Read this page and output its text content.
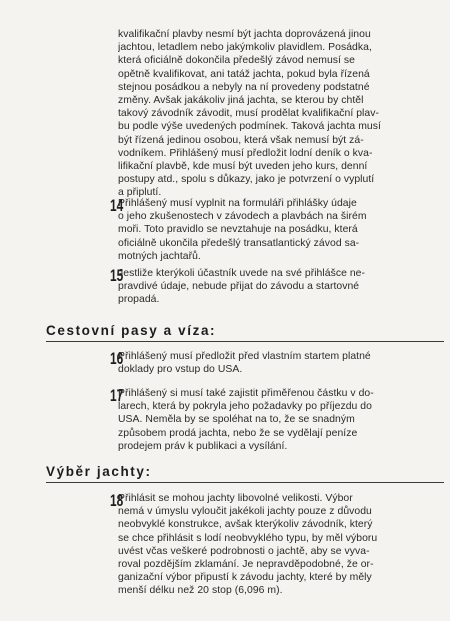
kvalifikační plavby nesmí být jachta doprovázená jinou
jachtou, letadlem nebo jakýmkoliv plavidlem. Posádka,
která oficiálně dokončila předešlý závod nemusí se
opětně kvalifikovat, ani tatáž jachta, pokud byla řízená
stejnou posádkou a nebyly na ní provedeny podstatné
změny. Avšak jakákoliv jiná jachta, se kterou by chtěl
takový závodník závodit, musí prodělat kvalifikační plav-
bu podle výše uvedených podmínek. Taková jachta musí
být řízená jedinou osobou, která však nemusí být zá-
vodníkem. Přihlášený musí předložit lodní deník o kva-
lifikační plavbě, kde musí být uveden jeho kurs, denní
postupy atd., spolu s důkazy, jako je potvrzení o vyplutí
a připlutí.
14
Přihlášený musí vyplnit na formuláři přihlášky údaje
o jeho zkušenostech v závodech a plavbách na širém
moři. Toto pravidlo se nevztahuje na posádku, která
oficiálně ukončila předešlý transatlantický závod sa-
motných jachtařů.
15
Jestliže kterýkoli účastník uvede na své přihlášce ne-
pravdivé údaje, nebude přijat do závodu a startovné
propadá.
Cestovní pasy a víza:
16
Přihlášený musí předložit před vlastním startem platné
doklady pro vstup do USA.
17
Přihlášený si musí také zajistit přiměřenou částku v do-
larech, která by pokryla jeho požadavky po příjezdu do
USA. Neměla by se spoléhat na to, že se snadným
způsobem prodá jachta, nebo že se vydělají peníze
prodejem práv k publikaci a vysílání.
Výběr jachty:
18
Přihlásit se mohou jachty libovolné velikosti. Výbor
nemá v úmyslu vyloučit jakékoli jachty pouze z důvodu
neobvyklé konstrukce, avšak kterýkoliv závodník, který
se chce přihlásit s lodí neobvyklého typu, by měl výboru
uvést včas veškeré podrobnosti o jachtě, aby se vyva-
roval pozdějším zklamání. Je nepravděpodobné, že or-
ganizační výbor připustí k závodu jachty, které by měly
menší délku než 20 stop (6,096 m).
